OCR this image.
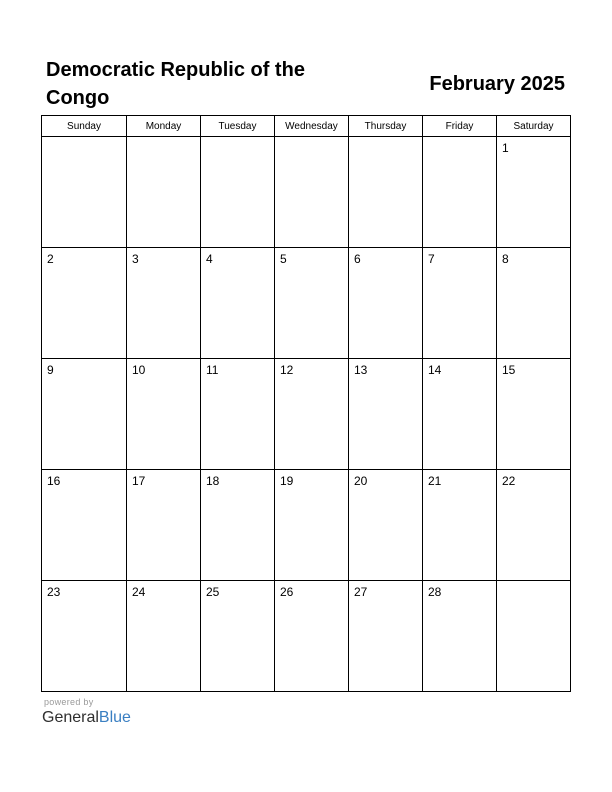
Democratic Republic of the Congo
February 2025
Sunday	Monday	Tuesday	Wednesday	Thursday	Friday	Saturday

						1

2	3	4	5	6	7	8

9	10	11	12	13	14	15

16	17	18	19	20	21	22

23	24	25	26	27	28	

powered by
GeneralBlue
